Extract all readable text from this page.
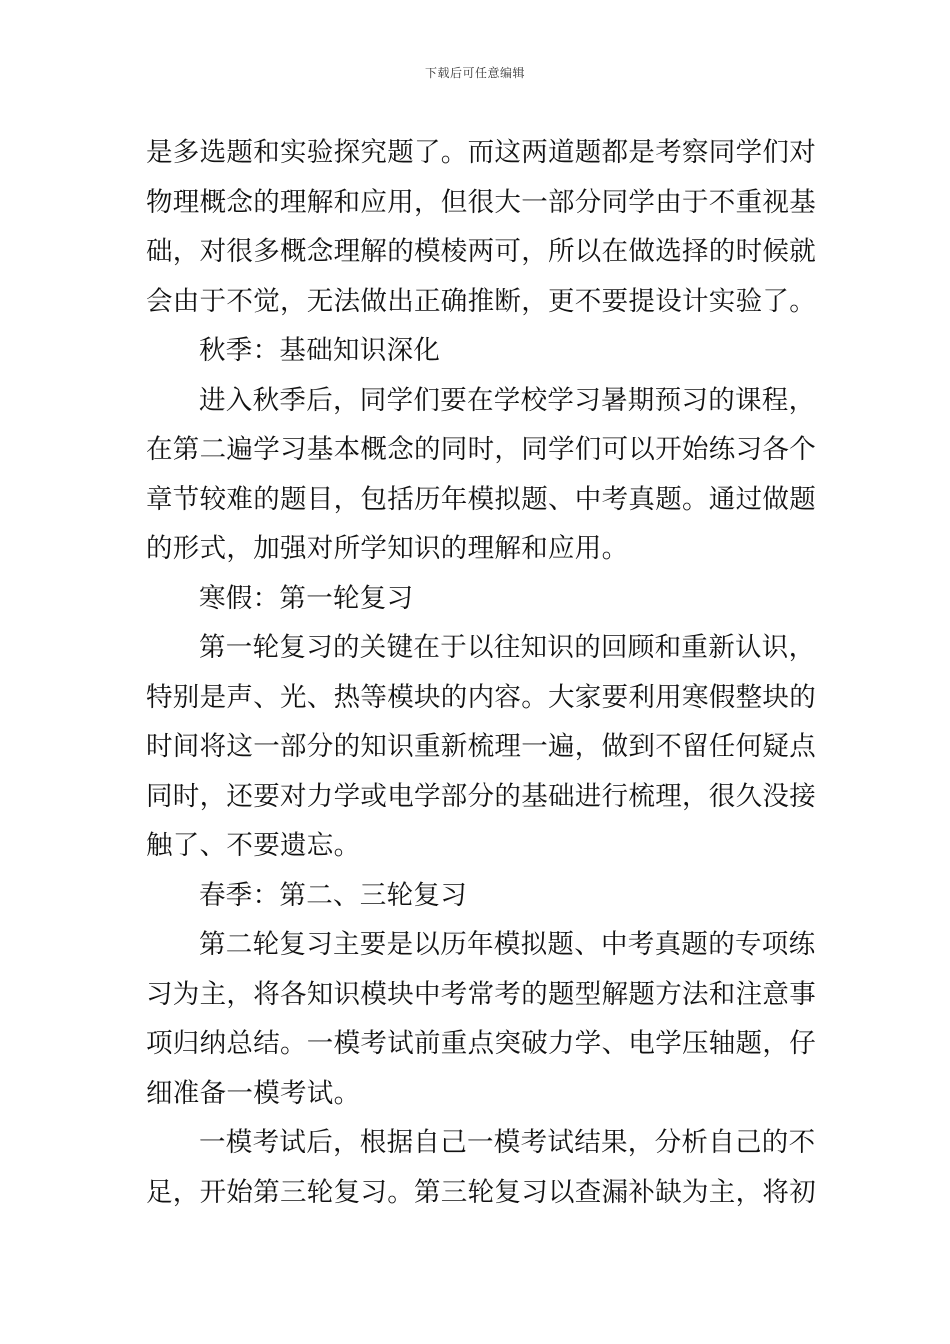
下载后可任意编辑
是多选题和实验探究题了。而这两道题都是考察同学们对
物理概念的理解和应用，但很大一部分同学由于不重视基
础，对很多概念理解的模棱两可，所以在做选择的时候就
会由于不觉，无法做出正确推断，更不要提设计实验了。
秋季：基础知识深化
进入秋季后，同学们要在学校学习暑期预习的课程，
在第二遍学习基本概念的同时，同学们可以开始练习各个
章节较难的题目，包括历年模拟题、中考真题。通过做题
的形式，加强对所学知识的理解和应用。
寒假：第一轮复习
第一轮复习的关键在于以往知识的回顾和重新认识，
特别是声、光、热等模块的内容。大家要利用寒假整块的
时间将这一部分的知识重新梳理一遍，做到不留任何疑点
同时，还要对力学或电学部分的基础进行梳理，很久没接
触了、不要遗忘。
春季：第二、三轮复习
第二轮复习主要是以历年模拟题、中考真题的专项练
习为主，将各知识模块中考常考的题型解题方法和注意事
项归纳总结。一模考试前重点突破力学、电学压轴题，仔
细准备一模考试。
一模考试后，根据自己一模考试结果，分析自己的不
足，开始第三轮复习。第三轮复习以查漏补缺为主，将初
